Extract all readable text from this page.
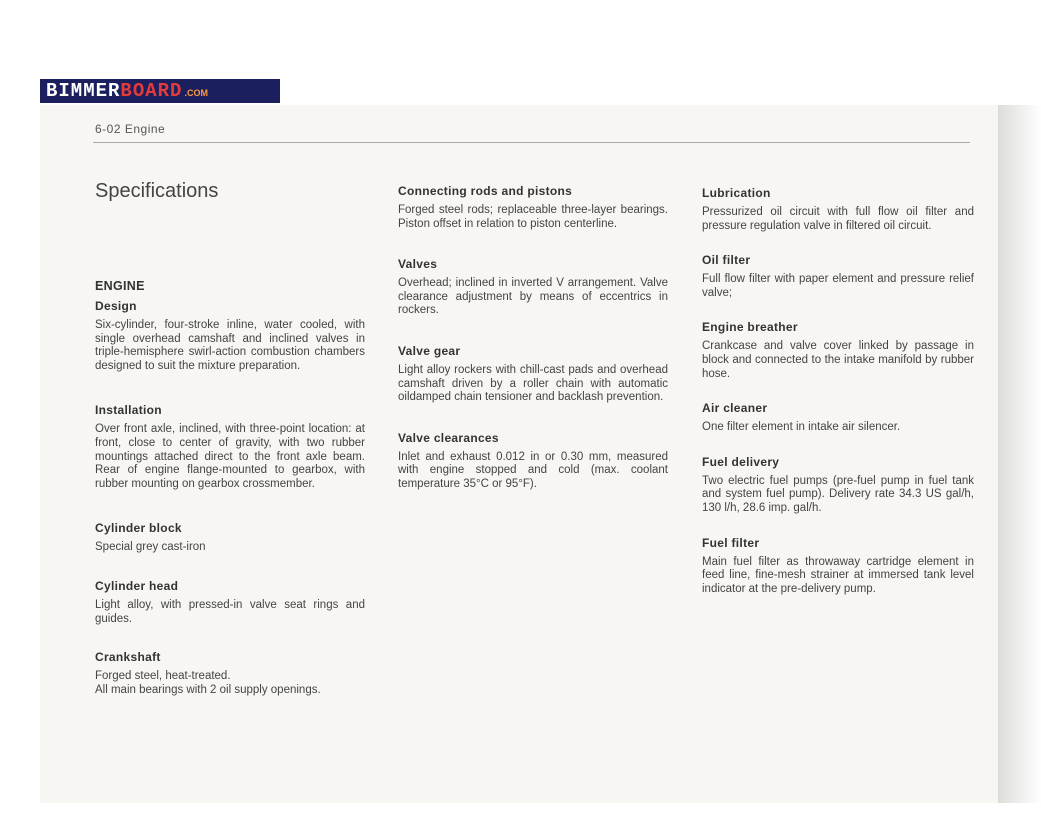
BIMMER BOARD .COM
6-02 Engine
Specifications
ENGINE
Design

Six-cylinder, four-stroke inline, water cooled, with single overhead camshaft and inclined valves in triple-hemisphere swirl-action combustion chambers designed to suit the mixture preparation.

Installation

Over front axle, inclined, with three-point location: at front, close to center of gravity, with two rubber mountings attached direct to the front axle beam. Rear of engine flange-mounted to gearbox, with rubber mounting on gearbox crossmember.

Cylinder block

Special grey cast-iron

Cylinder head

Light alloy, with pressed-in valve seat rings and guides.

Crankshaft

Forged steel, heat-treated.
All main bearings with 2 oil supply openings.

Connecting rods and pistons

Forged steel rods; replaceable three-layer bearings. Piston offset in relation to piston centerline.

Valves

Overhead; inclined in inverted V arrangement. Valve clearance adjustment by means of eccentrics in rockers.

Valve gear

Light alloy rockers with chill-cast pads and overhead camshaft driven by a roller chain with automatic oildamped chain tensioner and backlash prevention.

Valve clearances

Inlet and exhaust 0.012 in or 0.30 mm, measured with engine stopped and cold (max. coolant temperature 35°C or 95°F).

Lubrication

Pressurized oil circuit with full flow oil filter and pressure regulation valve in filtered oil circuit.

Oil filter

Full flow filter with paper element and pressure relief valve;

Engine breather

Crankcase and valve cover linked by passage in block and connected to the intake manifold by rubber hose.

Air cleaner

One filter element in intake air silencer.

Fuel delivery

Two electric fuel pumps (pre-fuel pump in fuel tank and system fuel pump). Delivery rate 34.3 US gal/h, 130 l/h, 28.6 imp. gal/h.

Fuel filter

Main fuel filter as throwaway cartridge element in feed line, fine-mesh strainer at immersed tank level indicator at the pre-delivery pump.
